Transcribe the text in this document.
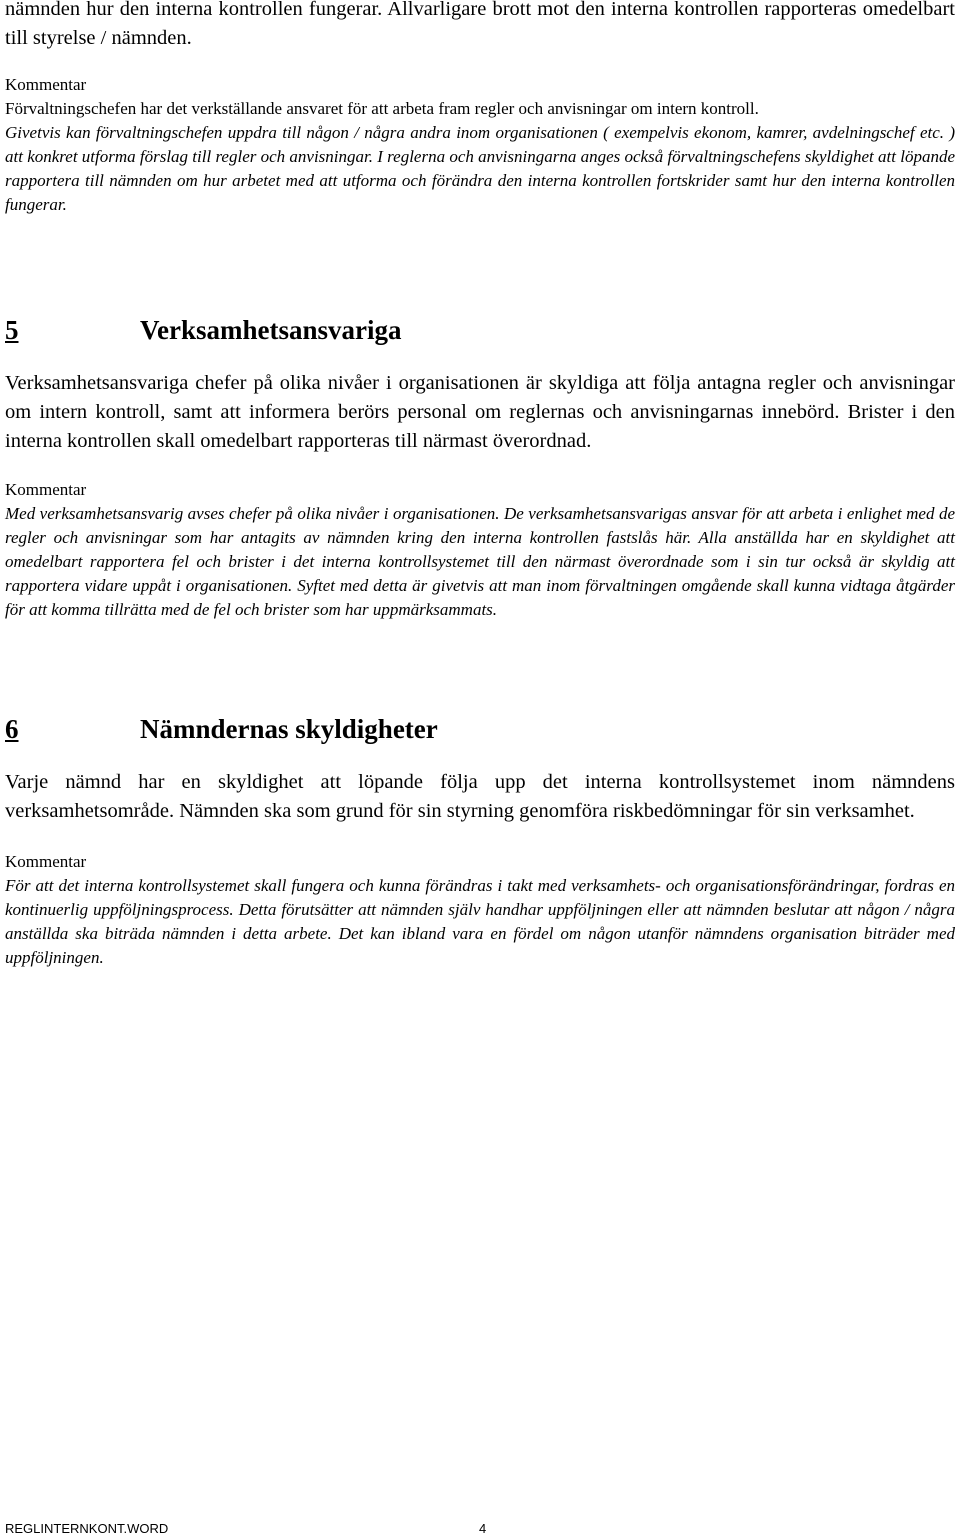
nämnden hur den interna kontrollen fungerar. Allvarligare brott mot den interna kontrollen rapporteras omedelbart till styrelse / nämnden.

Kommentar

Förvaltningschefen har det verkställande ansvaret för att arbeta fram regler och anvisningar om intern kontroll.

Givetvis kan förvaltningschefen uppdra till någon / några andra inom organisationen ( exempelvis ekonom, kamrer, avdelningschef etc. ) att konkret utforma förslag till regler och anvisningar. I reglerna och anvisningarna anges också förvaltningschefens skyldighet att löpande rapportera till nämnden om hur arbetet med att utforma och förändra den interna kontrollen fortskrider samt hur den interna kontrollen fungerar.

5	Verksamhetsansvariga

Verksamhetsansvariga chefer på olika nivåer i organisationen är skyldiga att följa antagna regler och anvisningar om intern kontroll, samt att informera berörs personal om reglernas och anvisningarnas innebörd. Brister i den interna kontrollen skall omedelbart rapporteras till närmast överordnad.

Kommentar

Med verksamhetsansvarig avses chefer på olika nivåer i organisationen. De verksamhetsansvarigas ansvar för att arbeta i enlighet med de regler och anvisningar som har antagits av nämnden kring den interna kontrollen fastslås här. Alla anställda har en skyldighet att omedelbart rapportera fel och brister i det interna kontrollsystemet till den närmast överordnade som i sin tur också är skyldig att rapportera vidare uppåt i organisationen. Syftet med detta är givetvis att man inom förvaltningen omgående skall kunna vidtaga åtgärder för att komma tillrätta med de fel och brister som har uppmärksammats.

6	Nämndernas skyldigheter

Varje nämnd har en skyldighet att löpande följa upp det interna kontrollsystemet inom nämndens verksamhetsområde. Nämnden ska som grund för sin styrning genomföra riskbedömningar för sin verksamhet.

Kommentar

För att det interna kontrollsystemet skall fungera och kunna förändras i takt med verksamhets- och organisationsförändringar, fordras en kontinuerlig uppföljningsprocess. Detta förutsätter att nämnden själv handhar uppföljningen eller att nämnden beslutar att någon / några anställda ska biträda nämnden i detta arbete. Det kan ibland vara en fördel om någon utanför nämndens organisation biträder med uppföljningen.

REGLINTERNKONT.WORD	4
